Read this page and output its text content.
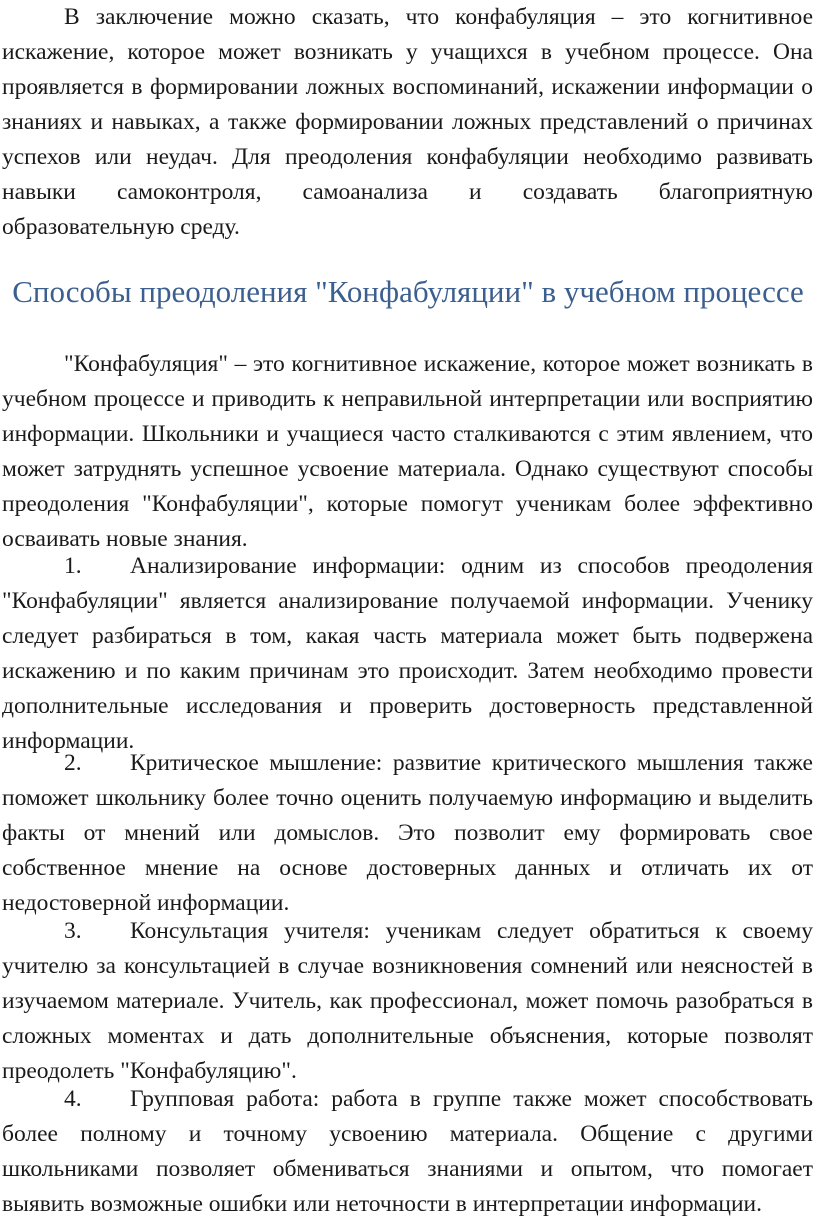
В заключение можно сказать, что конфабуляция – это когнитивное искажение, которое может возникать у учащихся в учебном процессе. Она проявляется в формировании ложных воспоминаний, искажении информации о знаниях и навыках, а также формировании ложных представлений о причинах успехов или неудач. Для преодоления конфабуляции необходимо развивать навыки самоконтроля, самоанализа и создавать благоприятную образовательную среду.

Способы преодоления "Конфабуляции" в учебном процессе

"Конфабуляция" – это когнитивное искажение, которое может возникать в учебном процессе и приводить к неправильной интерпретации или восприятию информации. Школьники и учащиеся часто сталкиваются с этим явлением, что может затруднять успешное усвоение материала. Однако существуют способы преодоления "Конфабуляции", которые помогут ученикам более эффективно осваивать новые знания.

1. Анализирование информации: одним из способов преодоления "Конфабуляции" является анализирование получаемой информации. Ученику следует разбираться в том, какая часть материала может быть подвержена искажению и по каким причинам это происходит. Затем необходимо провести дополнительные исследования и проверить достоверность представленной информации.

2. Критическое мышление: развитие критического мышления также поможет школьнику более точно оценить получаемую информацию и выделить факты от мнений или домыслов. Это позволит ему формировать свое собственное мнение на основе достоверных данных и отличать их от недостоверной информации.

3. Консультация учителя: ученикам следует обратиться к своему учителю за консультацией в случае возникновения сомнений или неясностей в изучаемом материале. Учитель, как профессионал, может помочь разобраться в сложных моментах и дать дополнительные объяснения, которые позволят преодолеть "Конфабуляцию".

4. Групповая работа: работа в группе также может способствовать более полному и точному усвоению материала. Общение с другими школьниками позволяет обмениваться знаниями и опытом, что помогает выявить возможные ошибки или неточности в интерпретации информации.
